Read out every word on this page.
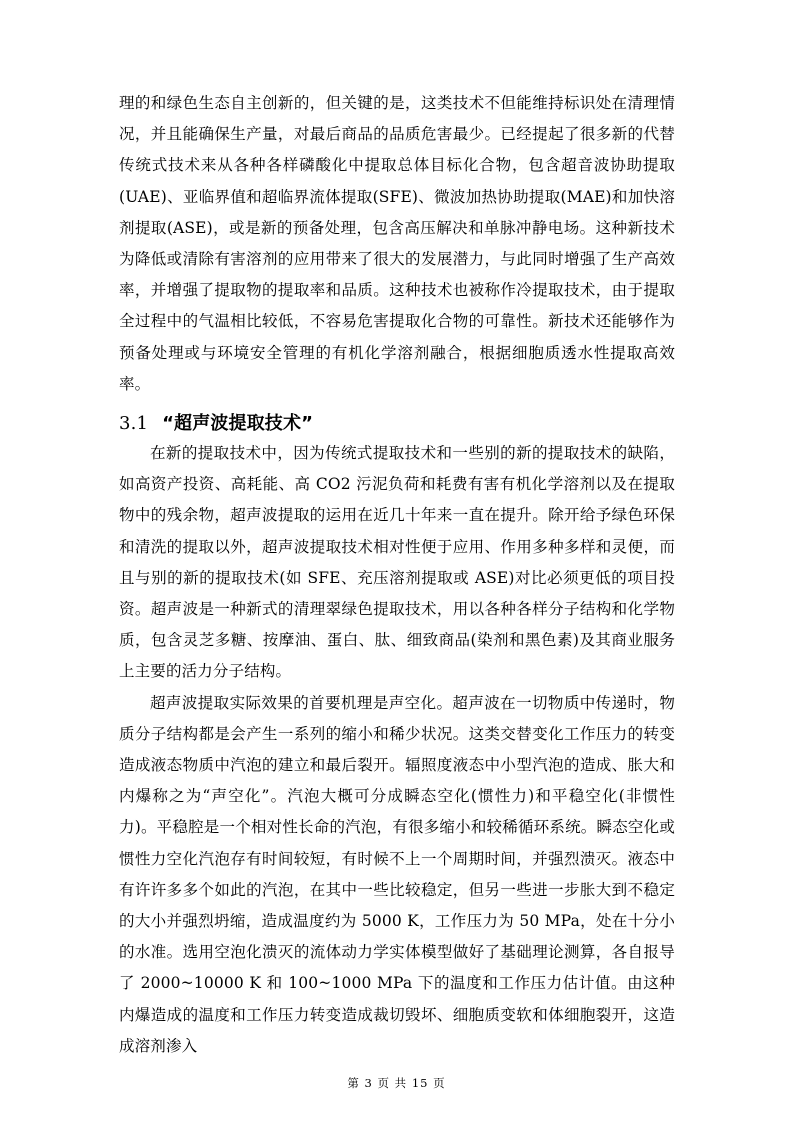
理的和绿色生态自主创新的，但关键的是，这类技术不但能维持标识处在清理情况，并且能确保生产量，对最后商品的品质危害最少。已经提起了很多新的代替传统式技术来从各种各样磷酸化中提取总体目标化合物，包含超音波协助提取(UAE)、亚临界值和超临界流体提取(SFE)、微波加热协助提取(MAE)和加快溶剂提取(ASE)，或是新的预备处理，包含高压解决和单脉冲静电场。这种新技术为降低或清除有害溶剂的应用带来了很大的发展潜力，与此同时增强了生产高效率，并增强了提取物的提取率和品质。这种技术也被称作冷提取技术，由于提取全过程中的气温相比较低，不容易危害提取化合物的可靠性。新技术还能够作为预备处理或与环境安全管理的有机化学溶剂融合，根据细胞质透水性提取高效率。

3.1 “超声波提取技术”

在新的提取技术中，因为传统式提取技术和一些别的新的提取技术的缺陷，如高资产投资、高耗能、高 CO2 污泥负荷和耗费有害有机化学溶剂以及在提取物中的残余物，超声波提取的运用在近几十年来一直在提升。除开给予绿色环保和清洗的提取以外，超声波提取技术相对性便于应用、作用多种多样和灵便，而且与别的新的提取技术(如 SFE、充压溶剂提取或 ASE)对比必须更低的项目投资。超声波是一种新式的清理翠绿色提取技术，用以各种各样分子结构和化学物质，包含灵芝多糖、按摩油、蛋白、肽、细致商品(染剂和黑色素)及其商业服务上主要的活力分子结构。

超声波提取实际效果的首要机理是声空化。超声波在一切物质中传递时，物质分子结构都是会产生一系列的缩小和稀少状况。这类交替变化工作压力的转变造成液态物质中汽泡的建立和最后裂开。辐照度液态中小型汽泡的造成、胀大和内爆称之为“声空化”。汽泡大概可分成瞬态空化(惯性力)和平稳空化(非惯性力)。平稳腔是一个相对性长命的汽泡，有很多缩小和较稀循环系统。瞬态空化或惯性力空化汽泡存有时间较短，有时候不上一个周期时间，并强烈溃灭。液态中有许许多多个如此的汽泡，在其中一些比较稳定，但另一些进一步胀大到不稳定的大小并强烈坍缩，造成温度约为 5000 K，工作压力为 50 MPa，处在十分小的水准。选用空泡化溃灭的流体动力学实体模型做好了基础理论测算，各自报导了 2000~10000 K 和 100~1000 MPa 下的温度和工作压力估计值。由这种内爆造成的温度和工作压力转变造成裁切毁坏、细胞质变软和体细胞裂开，这造成溶剂渗入

第 3 页 共 15 页
